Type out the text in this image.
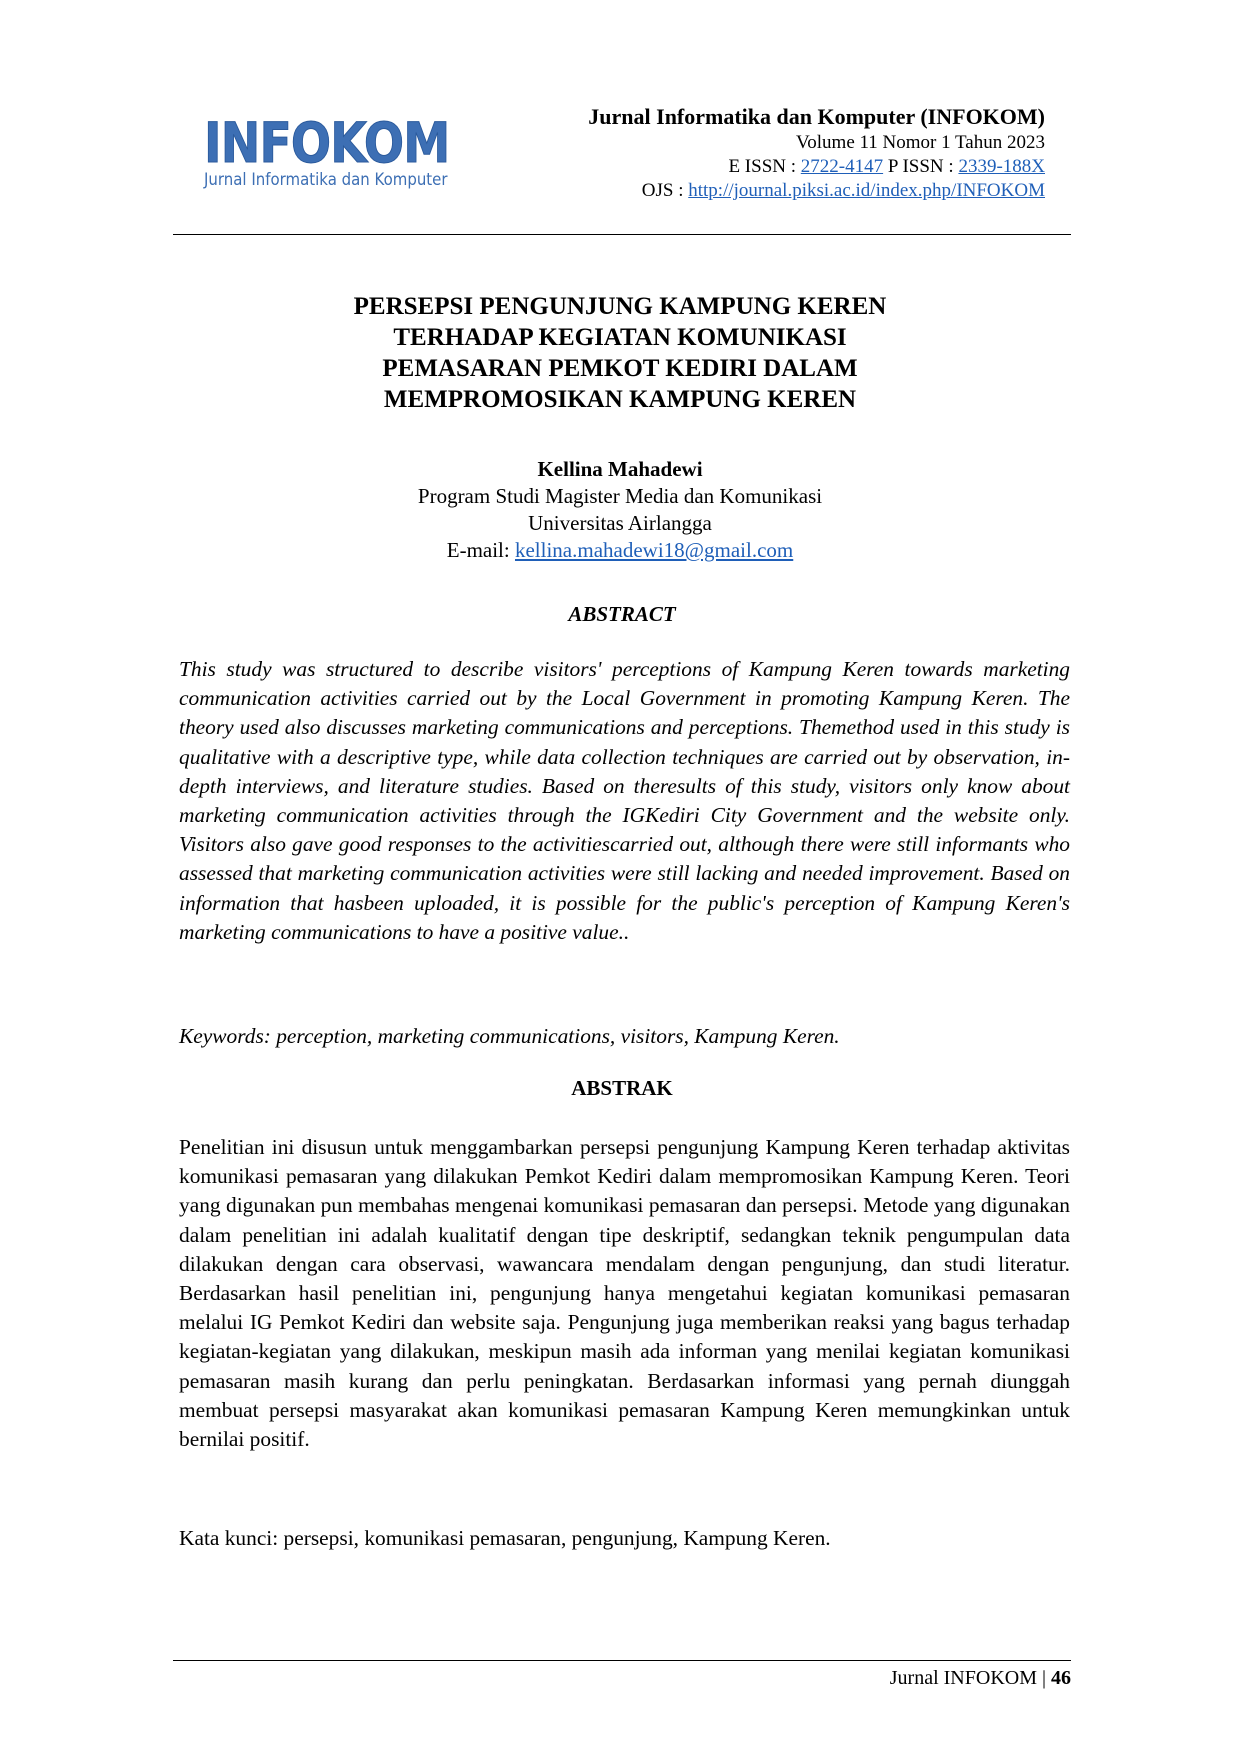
INFOKOM
Jurnal Informatika dan Komputer
Jurnal Informatika dan Komputer (INFOKOM)
Volume 11 Nomor 1 Tahun 2023
E ISSN : 2722-4147 P ISSN : 2339-188X
OJS : http://journal.piksi.ac.id/index.php/INFOKOM
PERSEPSI PENGUNJUNG KAMPUNG KEREN
TERHADAP KEGIATAN KOMUNIKASI
PEMASARAN PEMKOT KEDIRI DALAM
MEMPROMOSIKAN KAMPUNG KEREN
Kellina Mahadewi
Program Studi Magister Media dan Komunikasi
Universitas Airlangga
E-mail: kellina.mahadewi18@gmail.com
ABSTRACT
This study was structured to describe visitors' perceptions of Kampung Keren towards marketing communication activities carried out by the Local Government in promoting Kampung Keren. The theory used also discusses marketing communications and perceptions. Themethod used in this study is qualitative with a descriptive type, while data collection techniques are carried out by observation, in-depth interviews, and literature studies. Based on theresults of this study, visitors only know about marketing communication activities through the IGKediri City Government and the website only. Visitors also gave good responses to the activitiescarried out, although there were still informants who assessed that marketing communication activities were still lacking and needed improvement. Based on information that hasbeen uploaded, it is possible for the public's perception of Kampung Keren's marketing communications to have a positive value..
Keywords: perception, marketing communications, visitors, Kampung Keren.
ABSTRAK
Penelitian ini disusun untuk menggambarkan persepsi pengunjung Kampung Keren terhadap aktivitas komunikasi pemasaran yang dilakukan Pemkot Kediri dalam mempromosikan Kampung Keren. Teori yang digunakan pun membahas mengenai komunikasi pemasaran dan persepsi. Metode yang digunakan dalam penelitian ini adalah kualitatif dengan tipe deskriptif, sedangkan teknik pengumpulan data dilakukan dengan cara observasi, wawancara mendalam dengan pengunjung, dan studi literatur. Berdasarkan hasil penelitian ini, pengunjung hanya mengetahui kegiatan komunikasi pemasaran melalui IG Pemkot Kediri dan website saja. Pengunjung juga memberikan reaksi yang bagus terhadap kegiatan-kegiatan yang dilakukan, meskipun masih ada informan yang menilai kegiatan komunikasi pemasaran masih kurang dan perlu peningkatan. Berdasarkan informasi yang pernah diunggah membuat persepsi masyarakat akan komunikasi pemasaran Kampung Keren memungkinkan untuk bernilai positif.
Kata kunci: persepsi, komunikasi pemasaran, pengunjung, Kampung Keren.
Jurnal INFOKOM | 46
